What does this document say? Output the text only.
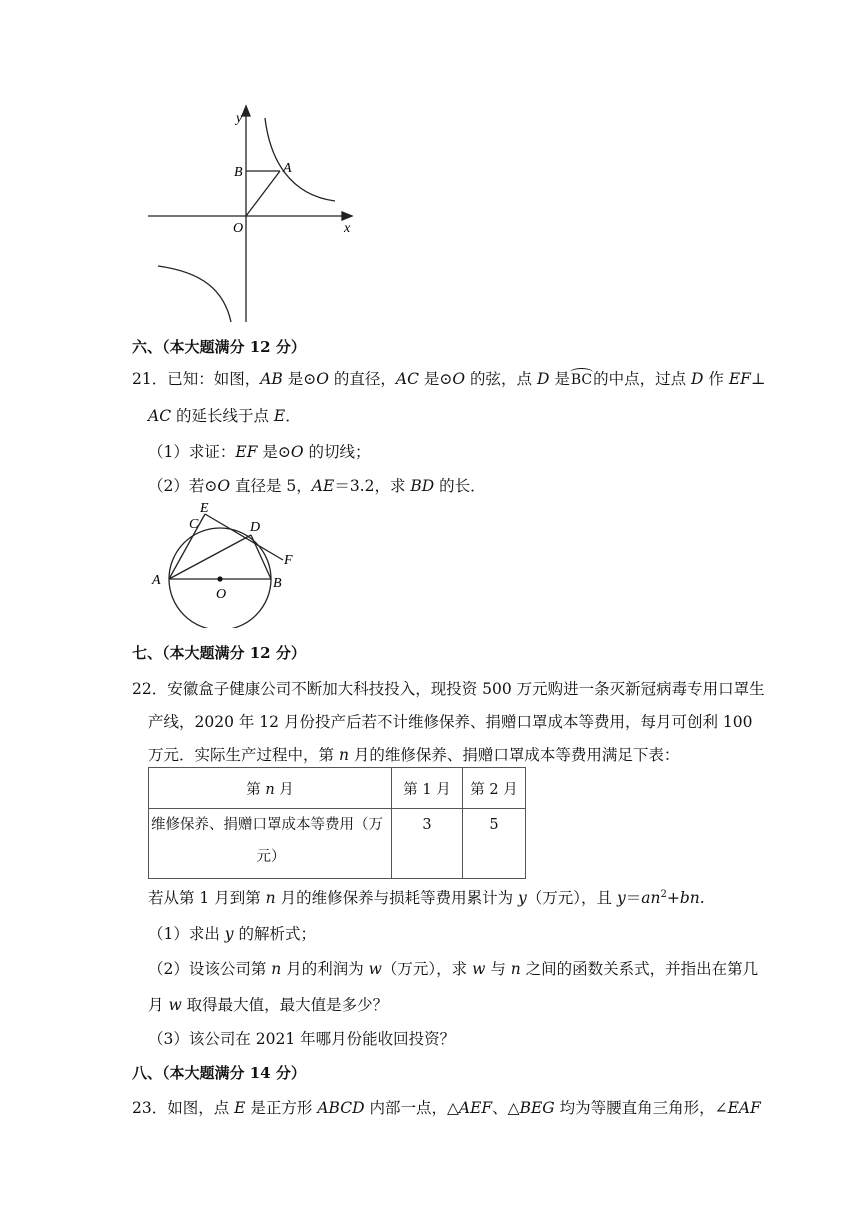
y
x
B	A
O
六、（本大题满分 12 分）
21．已知：如图，AB 是⊙O 的直径，AC 是⊙O 的弦，点 D 是BC的中点，过点 D 作 EF⊥
AC 的延长线于点 E．
（1）求证：EF 是⊙O 的切线；
（2）若⊙O 直径是 5，AE＝3.2，求 BD 的长．
E
C	D
F
A	B
O
七、（本大题满分 12 分）
22．安徽盒子健康公司不断加大科技投入，现投资 500 万元购进一条灭新冠病毒专用口罩生
产线，2020 年 12 月份投产后若不计维修保养、捐赠口罩成本等费用，每月可创利 100
万元．实际生产过程中，第 n 月的维修保养、捐赠口罩成本等费用满足下表：
第 n 月	第 1 月	第 2 月

维修保养、捐赠口罩成本等费用（万
元）	3	5
若从第 1 月到第 n 月的维修保养与损耗等费用累计为 y（万元），且 $y=an^2+bn$.
（1）求出 y 的解析式；
（2）设该公司第 n 月的利润为 w（万元），求 w 与 n 之间的函数关系式，并指出在第几
月 w 取得最大值，最大值是多少？
（3）该公司在 2021 年哪月份能收回投资？
八、（本大题满分 14 分）
23．如图，点 E 是正方形 ABCD 内部一点，△AEF、△BEG 均为等腰直角三角形，∠EAF
